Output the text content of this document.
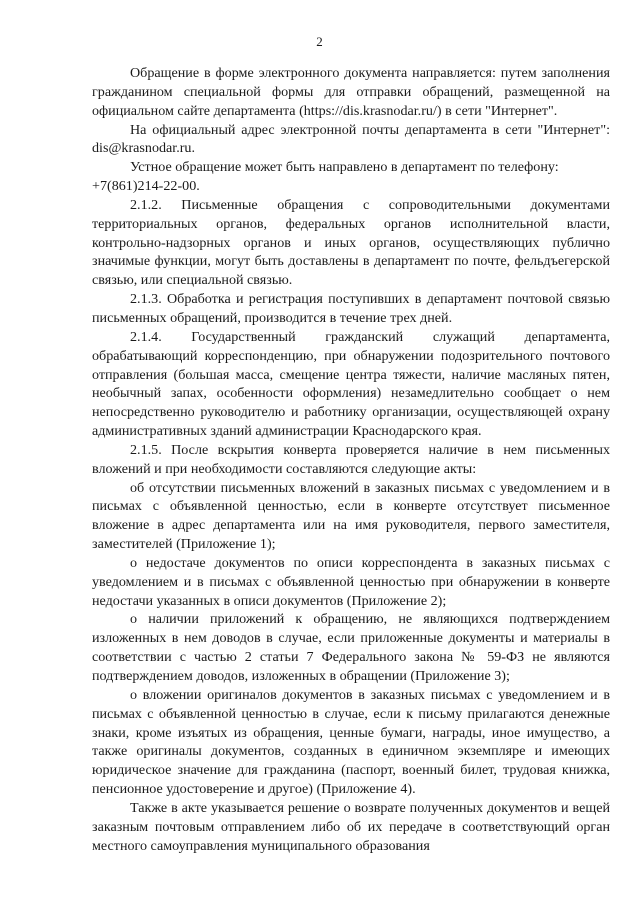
2

Обращение в форме электронного документа направляется: путем заполнения гражданином специальной формы для отправки обращений, размещенной на официальном сайте департамента (https://dis.krasnodar.ru/) в сети "Интернет".

На официальный адрес электронной почты департамента в сети "Интернет": dis@krasnodar.ru.

Устное обращение может быть направлено в департамент по телефону:

+7(861)214-22-00.

2.1.2. Письменные обращения с сопроводительными документами территориальных органов, федеральных органов исполнительной власти, контрольно-надзорных органов и иных органов, осуществляющих публично значимые функции, могут быть доставлены в департамент по почте, фельдъегерской связью, или специальной связью.

2.1.3. Обработка и регистрация поступивших в департамент почтовой связью письменных обращений, производится в течение трех дней.

2.1.4. Государственный гражданский служащий департамента, обрабатывающий корреспонденцию, при обнаружении подозрительного почтового отправления (большая масса, смещение центра тяжести, наличие масляных пятен, необычный запах, особенности оформления) незамедлительно сообщает о нем непосредственно руководителю и работнику организации, осуществляющей охрану административных зданий администрации Краснодарского края.

2.1.5. После вскрытия конверта проверяется наличие в нем письменных вложений и при необходимости составляются следующие акты:

об отсутствии письменных вложений в заказных письмах с уведомлением и в письмах с объявленной ценностью, если в конверте отсутствует письменное вложение в адрес департамента или на имя руководителя, первого заместителя, заместителей (Приложение 1);

о недостаче документов по описи корреспондента в заказных письмах с уведомлением и в письмах с объявленной ценностью при обнаружении в конверте недостачи указанных в описи документов (Приложение 2);

о наличии приложений к обращению, не являющихся подтверждением изложенных в нем доводов в случае, если приложенные документы и материалы в соответствии с частью 2 статьи 7 Федерального закона № 59-ФЗ не являются подтверждением доводов, изложенных в обращении (Приложение 3);

о вложении оригиналов документов в заказных письмах с уведомлением и в письмах с объявленной ценностью в случае, если к письму прилагаются денежные знаки, кроме изъятых из обращения, ценные бумаги, награды, иное имущество, а также оригиналы документов, созданных в единичном экземпляре и имеющих юридическое значение для гражданина (паспорт, военный билет, трудовая книжка, пенсионное удостоверение и другое) (Приложение 4).

Также в акте указывается решение о возврате полученных документов и вещей заказным почтовым отправлением либо об их передаче в соответствующий орган местного самоуправления муниципального образования
